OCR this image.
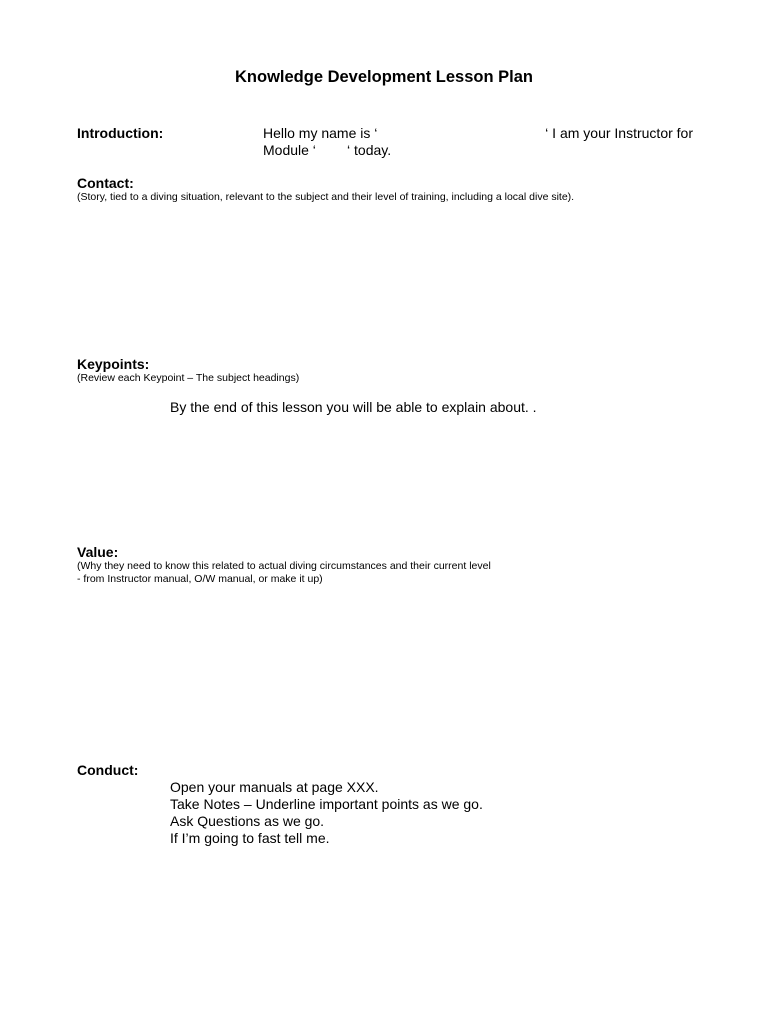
Knowledge Development Lesson Plan
Introduction:	Hello my name is ‘	‘ I am your Instructor for
Module ‘        ‘ today.
Contact:
(Story, tied to a diving situation, relevant to the subject and their level of training, including a local dive site).
Keypoints:
(Review each Keypoint – The subject headings)
By the end of this lesson you will be able to explain about. .
Value:
(Why they need to know this related to actual diving circumstances and their current level
- from Instructor manual, O/W manual, or make it up)
Conduct:
Open your manuals at page XXX.
Take Notes – Underline important points as we go.
Ask Questions as we go.
If I’m going to fast tell me.
